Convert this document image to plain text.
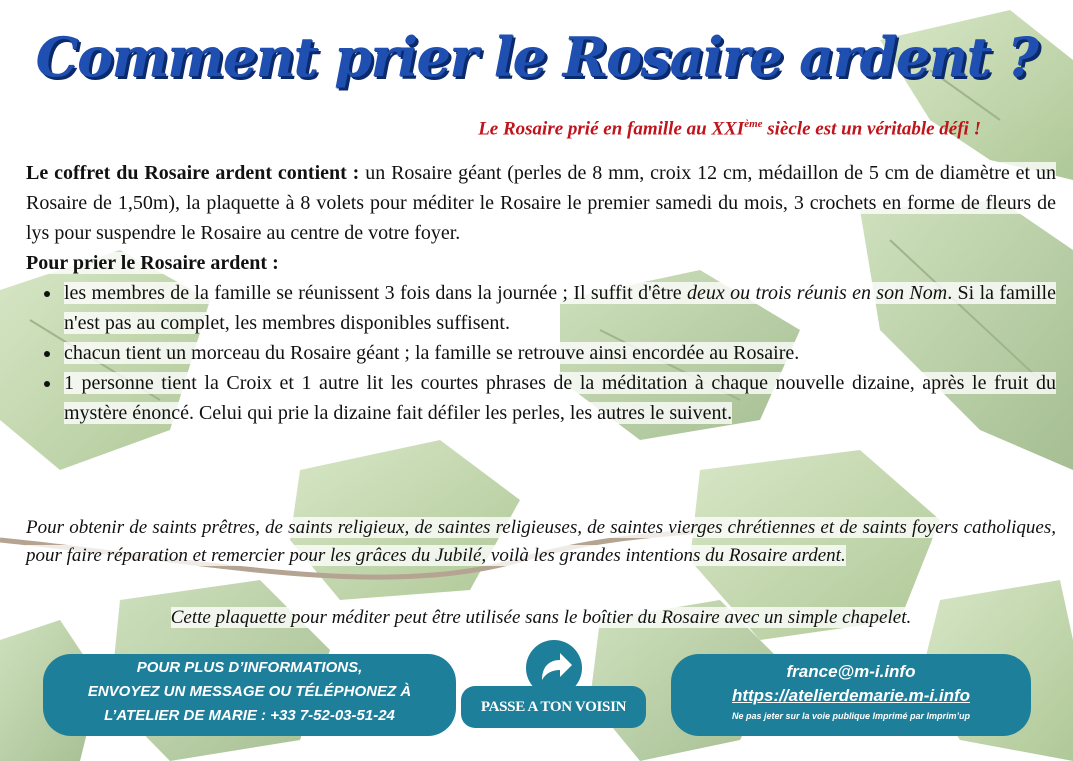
Comment prier le Rosaire ardent ?
Le Rosaire prié en famille au XXIème siècle est un véritable défi !

Le coffret du Rosaire ardent contient : un Rosaire géant (perles de 8 mm, croix 12 cm, médaillon de 5 cm de diamètre et un Rosaire de 1,50m), la plaquette à 8 volets pour méditer le Rosaire le premier samedi du mois, 3 crochets en forme de fleurs de lys pour suspendre le Rosaire au centre de votre foyer.

Pour prier le Rosaire ardent :

• les membres de la famille se réunissent 3 fois dans la journée ; Il suffit d'être deux ou trois réunis en son Nom. Si la famille n'est pas au complet, les membres disponibles suffisent.
• chacun tient un morceau du Rosaire géant ; la famille se retrouve ainsi encordée au Rosaire.
• 1 personne tient la Croix et 1 autre lit les courtes phrases de la méditation à chaque nouvelle dizaine, après le fruit du mystère énoncé. Celui qui prie la dizaine fait défiler les perles, les autres le suivent.
Pour obtenir de saints prêtres, de saints religieux, de saintes religieuses, de saintes vierges chrétiennes et de saints foyers catholiques, pour faire réparation et remercier pour les grâces du Jubilé, voilà les grandes intentions du Rosaire ardent.
Cette plaquette pour méditer peut être utilisée sans le boîtier du Rosaire avec un simple chapelet.
POUR PLUS D’INFORMATIONS,
ENVOYEZ UN MESSAGE OU TÉLÉPHONEZ À
L’ATELIER DE MARIE : +33 7-52-03-51-24	PASSE A TON VOISIN
france@m-i.info
https://atelierdemarie.m-i.info
Ne pas jeter sur la voie publique Imprimé par Imprim’up
